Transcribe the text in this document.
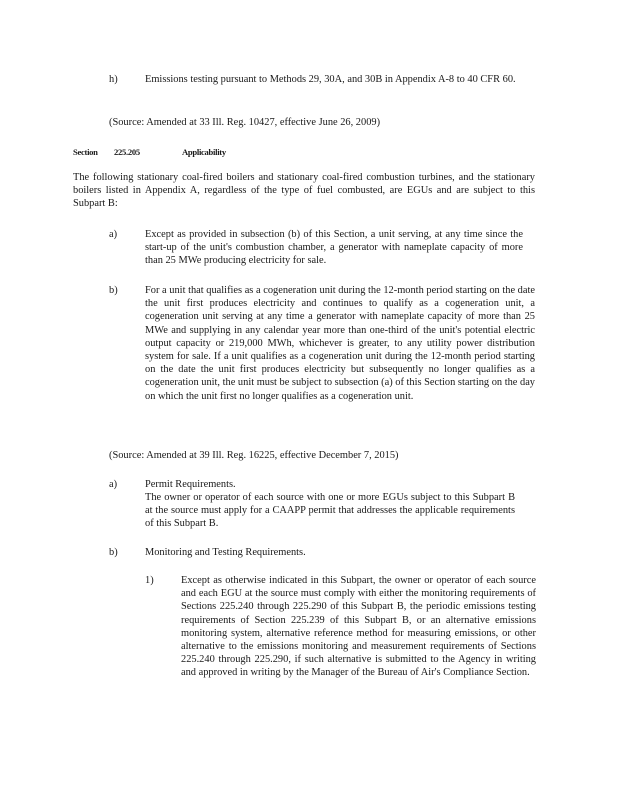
h)	Emissions testing pursuant to Methods 29, 30A, and 30B in Appendix A-8 to 40 CFR 60.
(Source: Amended at 33 Ill. Reg. 10427, effective June 26, 2009)
Section 225.205	Applicability
The following stationary coal-fired boilers and stationary coal-fired combustion turbines, and the stationary boilers listed in Appendix A, regardless of the type of fuel combusted, are EGUs and are subject to this Subpart B:
a)	Except as provided in subsection (b) of this Section, a unit serving, at any time since the start-up of the unit's combustion chamber, a generator with nameplate capacity of more than 25 MWe producing electricity for sale.
b)	For a unit that qualifies as a cogeneration unit during the 12-month period starting on the date the unit first produces electricity and continues to qualify as a cogeneration unit, a cogeneration unit serving at any time a generator with nameplate capacity of more than 25 MWe and supplying in any calendar year more than one-third of the unit's potential electric output capacity or 219,000 MWh, whichever is greater, to any utility power distribution system for sale. If a unit qualifies as a cogeneration unit during the 12-month period starting on the date the unit first produces electricity but subsequently no longer qualifies as a cogeneration unit, the unit must be subject to subsection (a) of this Section starting on the day on which the unit first no longer qualifies as a cogeneration unit.
(Source: Amended at 39 Ill. Reg. 16225, effective December 7, 2015)
a)	Permit Requirements.
The owner or operator of each source with one or more EGUs subject to this Subpart B at the source must apply for a CAAPP permit that addresses the applicable requirements of this Subpart B.
b)	Monitoring and Testing Requirements.
1)	Except as otherwise indicated in this Subpart, the owner or operator of each source and each EGU at the source must comply with either the monitoring requirements of Sections 225.240 through 225.290 of this Subpart B, the periodic emissions testing requirements of Section 225.239 of this Subpart B, or an alternative emissions monitoring system, alternative reference method for measuring emissions, or other alternative to the emissions monitoring and measurement requirements of Sections 225.240 through 225.290, if such alternative is submitted to the Agency in writing and approved in writing by the Manager of the Bureau of Air's Compliance Section.
